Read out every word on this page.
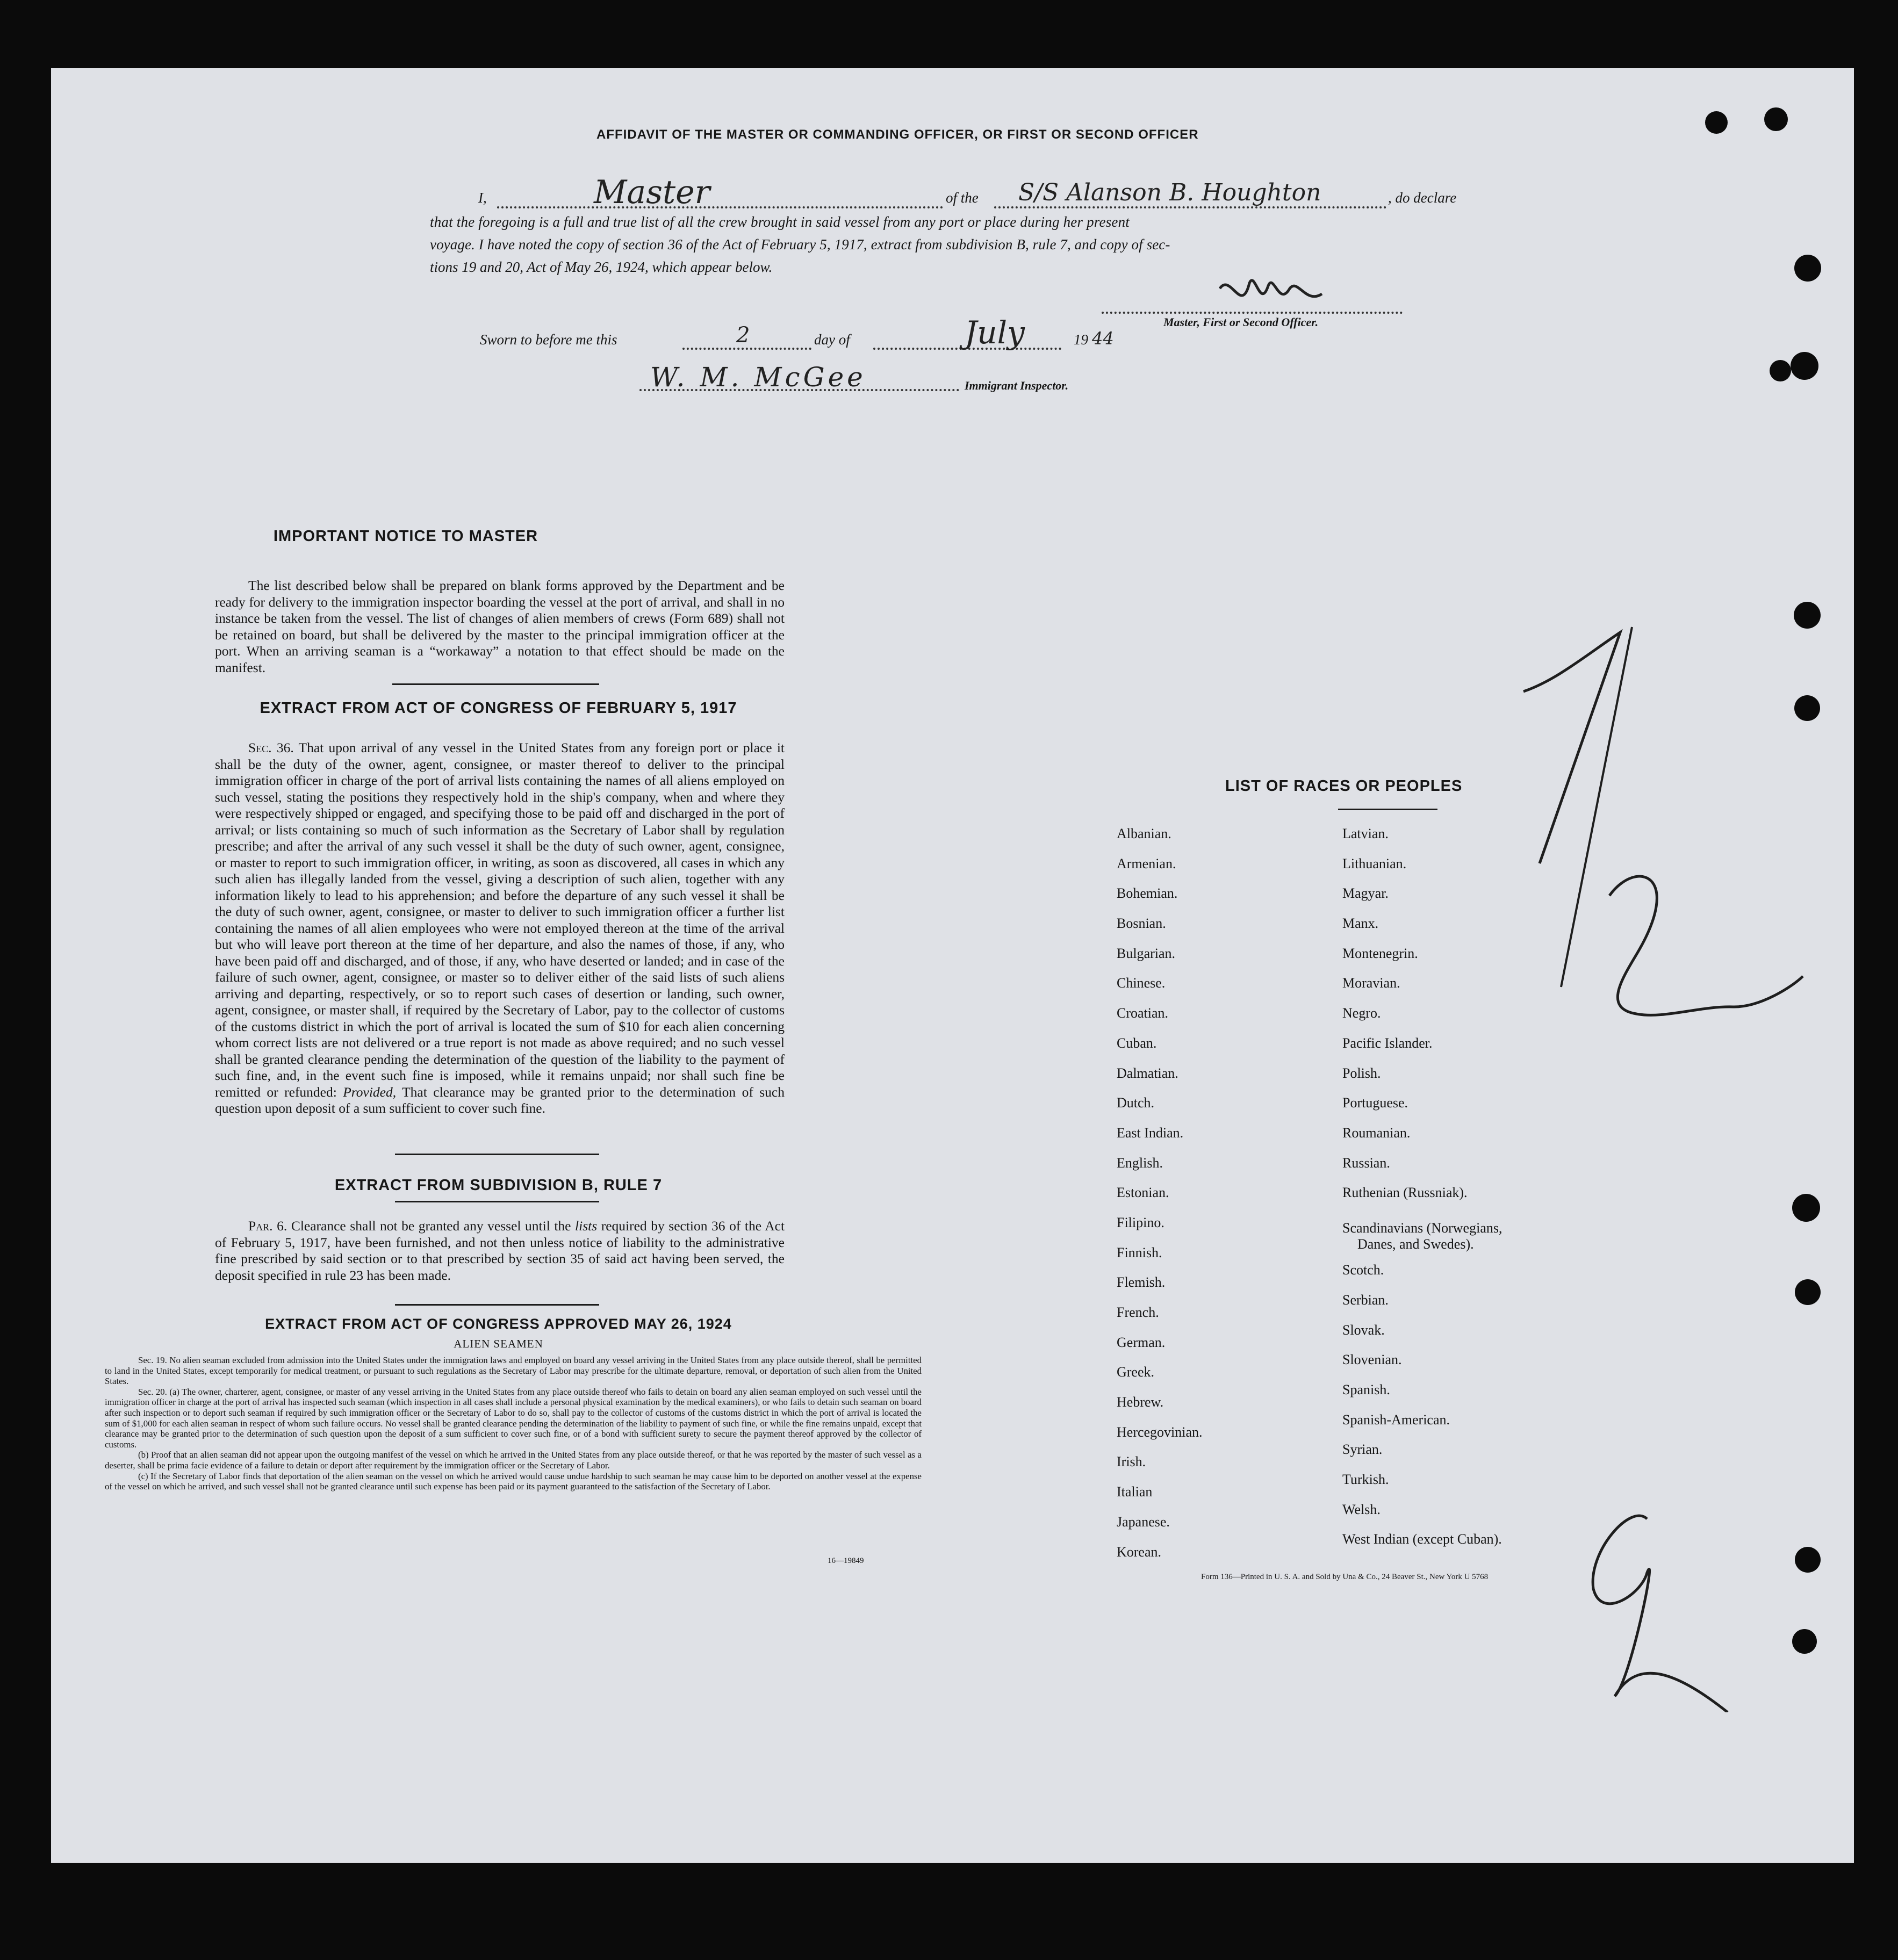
AFFIDAVIT OF THE MASTER OR COMMANDING OFFICER, OR FIRST OR SECOND OFFICER
I,	Master	of the S/S Alanson B. Houghton	, do declare
that the foregoing is a full and true list of all the crew brought in said vessel from any port or place during her present
voyage. I have noted the copy of section 36 of the Act of February 5, 1917, extract from subdivision B, rule 7, and copy of sec-
tions 19 and 20, Act of May 26, 1924, which appear below.
Master, First or Second Officer.
Sworn to before me this	2	day of	July	19 44
W. M. McGee	Immigrant Inspector.
IMPORTANT NOTICE TO MASTER
The list described below shall be prepared on blank forms approved by the Department and be ready for delivery to the immigration inspector boarding the vessel at the port of arrival, and shall in no instance be taken from the vessel. The list of changes of alien members of crews (Form 689) shall not be retained on board, but shall be delivered by the master to the principal immigration officer at the port. When an arriving seaman is a “workaway” a notation to that effect should be made on the manifest.
EXTRACT FROM ACT OF CONGRESS OF FEBRUARY 5, 1917
Sec. 36. That upon arrival of any vessel in the United States from any foreign port or place it shall be the duty of the owner, agent, consignee, or master thereof to deliver to the principal immigration officer in charge of the port of arrival lists containing the names of all aliens employed on such vessel, stating the positions they respectively hold in the ship's company, when and where they were respectively shipped or engaged, and specifying those to be paid off and discharged in the port of arrival; or lists containing so much of such information as the Secretary of Labor shall by regulation prescribe; and after the arrival of any such vessel it shall be the duty of such owner, agent, consignee, or master to report to such immigration officer, in writing, as soon as discovered, all cases in which any such alien has illegally landed from the vessel, giving a description of such alien, together with any information likely to lead to his apprehension; and before the departure of any such vessel it shall be the duty of such owner, agent, consignee, or master to deliver to such immigration officer a further list containing the names of all alien employees who were not employed thereon at the time of the arrival but who will leave port thereon at the time of her departure, and also the names of those, if any, who have been paid off and discharged, and of those, if any, who have deserted or landed; and in case of the failure of such owner, agent, consignee, or master so to deliver either of the said lists of such aliens arriving and departing, respectively, or so to report such cases of desertion or landing, such owner, agent, consignee, or master shall, if required by the Secretary of Labor, pay to the collector of customs of the customs district in which the port of arrival is located the sum of $10 for each alien concerning whom correct lists are not delivered or a true report is not made as above required; and no such vessel shall be granted clearance pending the determination of the question of the liability to the payment of such fine, and, in the event such fine is imposed, while it remains unpaid; nor shall such fine be remitted or refunded: Provided, That clearance may be granted prior to the determination of such question upon deposit of a sum sufficient to cover such fine.
EXTRACT FROM SUBDIVISION B, RULE 7
Par. 6. Clearance shall not be granted any vessel until the lists required by section 36 of the Act of February 5, 1917, have been furnished, and not then unless notice of liability to the administrative fine prescribed by said section or to that prescribed by section 35 of said act having been served, the deposit specified in rule 23 has been made.
EXTRACT FROM ACT OF CONGRESS APPROVED MAY 26, 1924
ALIEN SEAMEN
Sec. 19. No alien seaman excluded from admission into the United States under the immigration laws and employed on board any vessel arriving in the United States from any place outside thereof, shall be permitted to land in the United States, except temporarily for medical treatment, or pursuant to such regulations as the Secretary of Labor may prescribe for the ultimate departure, removal, or deportation of such alien from the United States.
Sec. 20. (a) The owner, charterer, agent, consignee, or master of any vessel arriving in the United States from any place outside thereof who fails to detain on board any alien seaman employed on such vessel until the immigration officer in charge at the port of arrival has inspected such seaman (which inspection in all cases shall include a personal physical examination by the medical examiners), or who fails to detain such seaman on board after such inspection or to deport such seaman if required by such immigration officer or the Secretary of Labor to do so, shall pay to the collector of customs of the customs district in which the port of arrival is located the sum of $1,000 for each alien seaman in respect of whom such failure occurs. No vessel shall be granted clearance pending the determination of the liability to payment of such fine, or while the fine remains unpaid, except that clearance may be granted prior to the determination of such question upon the deposit of a sum sufficient to cover such fine, or of a bond with sufficient surety to secure the payment thereof approved by the collector of customs.
(b) Proof that an alien seaman did not appear upon the outgoing manifest of the vessel on which he arrived in the United States from any place outside thereof, or that he was reported by the master of such vessel as a deserter, shall be prima facie evidence of a failure to detain or deport after requirement by the immigration officer or the Secretary of Labor.
(c) If the Secretary of Labor finds that deportation of the alien seaman on the vessel on which he arrived would cause undue hardship to such seaman he may cause him to be deported on another vessel at the expense of the vessel on which he arrived, and such vessel shall not be granted clearance until such expense has been paid or its payment guaranteed to the satisfaction of the Secretary of Labor.
16—19849
LIST OF RACES OR PEOPLES
Albanian.
Armenian.
Bohemian.
Bosnian.
Bulgarian.
Chinese.
Croatian.
Cuban.
Dalmatian.
Dutch.
East Indian.
English.
Estonian.
Filipino.
Finnish.
Flemish.
French.
German.
Greek.
Hebrew.
Hercegovinian.
Irish.
Italian
Japanese.
Korean.
Latvian.
Lithuanian.
Magyar.
Manx.
Montenegrin.
Moravian.
Negro.
Pacific Islander.
Polish.
Portuguese.
Roumanian.
Russian.
Ruthenian (Russniak).
Scandinavians (Norwegians,
Danes, and Swedes).
Scotch.
Serbian.
Slovak.
Slovenian.
Spanish.
Spanish-American.
Syrian.
Turkish.
Welsh.
West Indian (except Cuban).
Form 136—Printed in U. S. A. and Sold by Una & Co., 24 Beaver St., New York U 5768
